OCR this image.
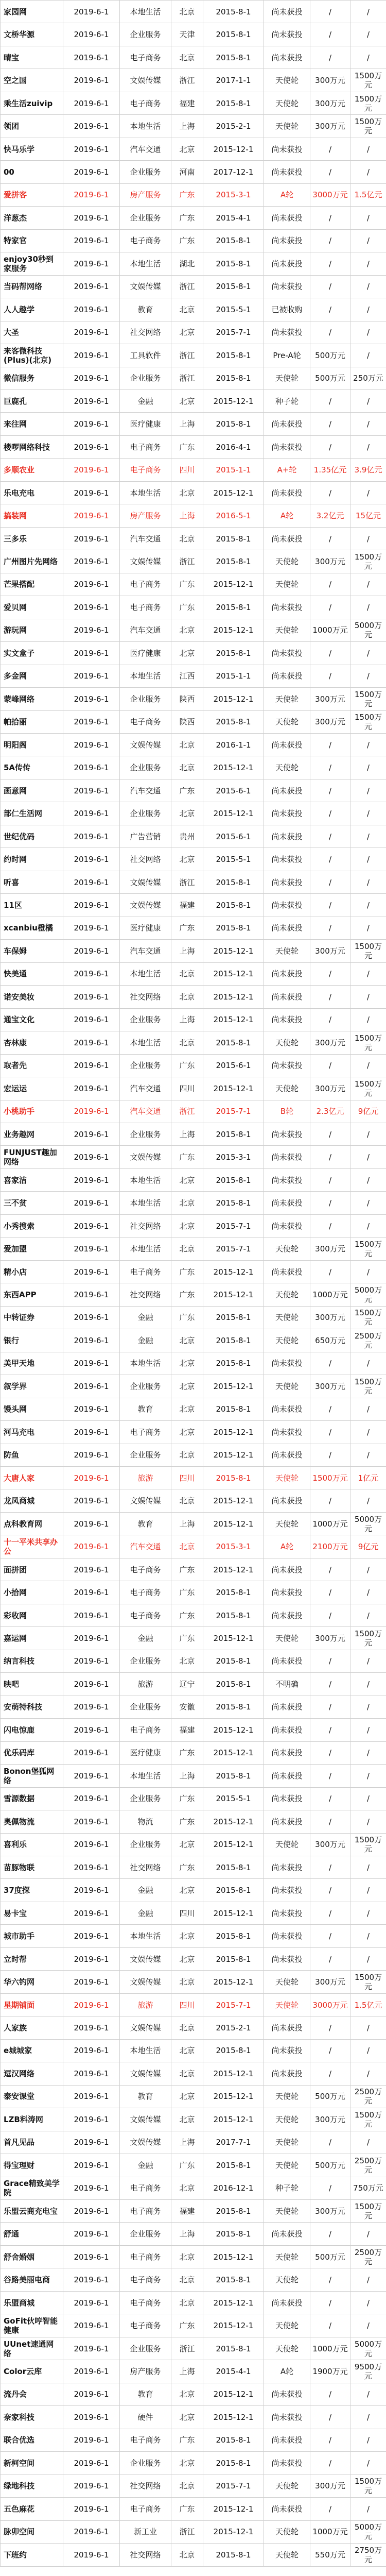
家园网	2019-6-1	本地生活	北京	2015-8-1	尚未获投	/	/
文桥华源	2019-6-1	企业服务	天津	2015-8-1	尚未获投	/	/
晴宝	2019-6-1	电子商务	北京	2015-8-1	尚未获投	/	/
空之国	2019-6-1	文娱传媒	浙江	2017-1-1	天使轮	300万元	1500万元
乘生活zuivip	2019-6-1	电子商务	福建	2015-8-1	天使轮	300万元	1500万元
领团	2019-6-1	本地生活	上海	2015-2-1	天使轮	300万元	1500万元
快马乐学	2019-6-1	汽车交通	北京	2015-12-1	尚未获投	/	/
00	2019-6-1	企业服务	河南	2017-12-1	尚未获投	/	/
爱拼客	2019-6-1	房产服务	广东	2015-3-1	A轮	3000万元	1.5亿元
洋葱杰	2019-6-1	企业服务	广东	2015-4-1	尚未获投	/	/
特家官	2019-6-1	电子商务	广东	2015-8-1	尚未获投	/	/
enjoy30秒到家服务	2019-6-1	本地生活	湖北	2015-8-1	尚未获投	/	/
当码帮网络	2019-6-1	文娱传媒	浙江	2015-8-1	尚未获投	/	/
人人趣学	2019-6-1	教育	北京	2015-5-1	已被收购	/	/
大圣	2019-6-1	社交网络	北京	2015-7-1	尚未获投	/	/
来客微科技(Plus)(北京)	2019-6-1	工具软件	浙江	2015-8-1	Pre-A轮	500万元	/
微信服务	2019-6-1	企业服务	浙江	2015-8-1	天使轮	500万元	250万元
巨鹿孔	2019-6-1	金融	北京	2015-12-1	种子轮	/	/
来往网	2019-6-1	医疗健康	上海	2015-8-1	尚未获投	/	/
楼啰网络科技	2019-6-1	电子商务	广东	2016-4-1	尚未获投	/	/
多顺农业	2019-6-1	电子商务	四川	2015-1-1	A+轮	1.35亿元	3.9亿元
乐电充电	2019-6-1	本地生活	北京	2015-12-1	尚未获投	/	/
搞装网	2019-6-1	房产服务	上海	2016-5-1	A轮	3.2亿元	15亿元
三多乐	2019-6-1	汽车交通	北京	2015-8-1	尚未获投	/	/
广州图片先网络	2019-6-1	文娱传媒	浙江	2015-8-1	天使轮	300万元	1500万元
芒果搭配	2019-6-1	电子商务	广东	2015-12-1	天使轮	/	/
爱贝网	2019-6-1	电子商务	广东	2015-8-1	尚未获投	/	/
游玩网	2019-6-1	汽车交通	北京	2015-12-1	天使轮	1000万元	5000万元
实文盒子	2019-6-1	医疗健康	北京	2015-8-1	尚未获投	/	/
多金网	2019-6-1	本地生活	江西	2015-1-1	尚未获投	/	/
蒙峰网络	2019-6-1	企业服务	陕西	2015-12-1	天使轮	300万元	1500万元
帕拾丽	2019-6-1	电子商务	陕西	2015-8-1	天使轮	300万元	1500万元
明阳阁	2019-6-1	文娱传媒	北京	2016-1-1	尚未获投	/	/
5A传传	2019-6-1	企业服务	北京	2015-12-1	天使轮	/	/
画意网	2019-6-1	汽车交通	广东	2015-6-1	尚未获投	/	/
部仁生活网	2019-6-1	企业服务	北京	2015-12-1	尚未获投	/	/
世纪优码	2019-6-1	广告营销	贵州	2015-6-1	尚未获投	/	/
约时网	2019-6-1	社交网络	北京	2015-5-1	尚未获投	/	/
听喜	2019-6-1	文娱传媒	浙江	2015-8-1	尚未获投	/	/
11区	2019-6-1	文娱传媒	福建	2015-8-1	尚未获投	/	/
xcanbiu橙橘	2019-6-1	医疗健康	广东	2015-8-1	尚未获投	/	/
车保姆	2019-6-1	汽车交通	上海	2015-12-1	天使轮	300万元	1500万元
快美通	2019-6-1	本地生活	北京	2015-12-1	尚未获投	/	/
诺安美妆	2019-6-1	社交网络	北京	2015-12-1	尚未获投	/	/
通宝文化	2019-6-1	企业服务	上海	2015-12-1	尚未获投	/	/
杏林康	2019-6-1	本地生活	北京	2015-8-1	天使轮	300万元	1500万元
取者先	2019-6-1	企业服务	广东	2015-6-1	尚未获投	/	/
宏运运	2019-6-1	汽车交通	四川	2015-12-1	天使轮	300万元	1500万元
小桃助手	2019-6-1	汽车交通	浙江	2015-7-1	B轮	2.3亿元	9亿元
业务趣网	2019-6-1	企业服务	上海	2015-8-1	尚未获投	/	/
FUNJUST趣加网络	2019-6-1	文娱传媒	广东	2015-3-1	尚未获投	/	/
喜家洁	2019-6-1	本地生活	北京	2015-8-1	尚未获投	/	/
三不贫	2019-6-1	本地生活	北京	2015-8-1	尚未获投	/	/
小秀搜索	2019-6-1	社交网络	北京	2015-7-1	尚未获投	/	/
爱加盟	2019-6-1	本地生活	北京	2015-7-1	天使轮	300万元	1500万元
精小店	2019-6-1	电子商务	广东	2015-12-1	尚未获投	/	/
东西APP	2019-6-1	社交网络	广东	2015-12-1	天使轮	1000万元	5000万元
中转证券	2019-6-1	金融	广东	2015-8-1	天使轮	300万元	1500万元
银行	2019-6-1	金融	北京	2015-8-1	天使轮	650万元	2500万元
美甲天地	2019-6-1	本地生活	北京	2015-8-1	尚未获投	/	/
叙学界	2019-6-1	企业服务	北京	2015-12-1	天使轮	300万元	1500万元
馒头网	2019-6-1	教育	北京	2015-8-1	尚未获投	/	/
河马充电	2019-6-1	电子商务	北京	2015-12-1	尚未获投	/	/
防鱼	2019-6-1	企业服务	北京	2015-12-1	尚未获投	/	/
大唐人家	2019-6-1	旅游	四川	2015-8-1	天使轮	1500万元	1亿元
龙凤商城	2019-6-1	文娱传媒	北京	2015-12-1	尚未获投	/	/
点科教育网	2019-6-1	教育	上海	2015-12-1	天使轮	1000万元	5000万元
十一平米共享办公	2019-6-1	汽车交通	北京	2015-3-1	A轮	2100万元	9亿元
面拼团	2019-6-1	电子商务	广东	2015-12-1	尚未获投	/	/
小拾网	2019-6-1	电子商务	广东	2015-8-1	尚未获投	/	/
彩收网	2019-6-1	电子商务	广东	2015-8-1	尚未获投	/	/
嘉运网	2019-6-1	金融	广东	2015-12-1	天使轮	300万元	1500万元
纳言科技	2019-6-1	企业服务	北京	2015-8-1	尚未获投	/	/
映吧	2019-6-1	旅游	辽宁	2015-8-1	不明确	/	/
安萌特科技	2019-6-1	企业服务	安徽	2015-8-1	尚未获投	/	/
闪电惊鹿	2019-6-1	电子商务	福建	2015-12-1	尚未获投	/	/
优乐码库	2019-6-1	医疗健康	广东	2015-12-1	尚未获投	/	/
Bonon堡狐网络	2019-6-1	本地生活	上海	2015-8-1	尚未获投	/	/
雪源数据	2019-6-1	企业服务	广东	2015-5-1	尚未获投	/	/
奥佩物流	2019-6-1	物流	广东	2015-12-1	尚未获投	/	/
喜利乐	2019-6-1	企业服务	北京	2015-12-1	天使轮	300万元	1500万元
苗豚物联	2019-6-1	社交网络	广东	2015-8-1	尚未获投	/	/
37度探	2019-6-1	金融	北京	2015-8-1	尚未获投	/	/
易卡宝	2019-6-1	金融	四川	2015-12-1	尚未获投	/	/
城市助手	2019-6-1	本地生活	北京	2015-8-1	尚未获投	/	/
立时帮	2019-6-1	文娱传媒	北京	2015-8-1	尚未获投	/	/
华六钓网	2019-6-1	文娱传媒	北京	2015-12-1	天使轮	300万元	1500万元
星期铺面	2019-6-1	旅游	四川	2015-7-1	天使轮	3000万元	1.5亿元
人家族	2019-6-1	文娱传媒	北京	2015-2-1	尚未获投	/	/
e城城家	2019-6-1	本地生活	北京	2015-8-1	尚未获投	/	/
逗汉网络	2019-6-1	文娱传媒	北京	2015-12-1	尚未获投	/	/
泰安课堂	2019-6-1	教育	北京	2015-12-1	天使轮	500万元	2500万元
LZB料涛网	2019-6-1	文娱传媒	北京	2015-12-1	天使轮	300万元	1500万元
首凡见品	2019-6-1	文娱传媒	上海	2017-7-1	天使轮	/	/
得宝理财	2019-6-1	金融	广东	2015-8-1	天使轮	500万元	2500万元
Grace精致美学院	2019-6-1	电子商务	北京	2016-12-1	种子轮	/	750万元
乐盟云商充电宝	2019-6-1	电子商务	福建	2015-8-1	天使轮	300万元	1500万元
舒通	2019-6-1	企业服务	上海	2015-8-1	尚未获投	/	/
舒舍婚姻	2019-6-1	电子商务	北京	2015-12-1	天使轮	500万元	2500万元
谷路美丽电商	2019-6-1	电子商务	北京	2015-8-1	天使轮	/	/
乐盟商城	2019-6-1	电子商务	北京	2015-12-1	尚未获投	/	/
GoFit伙哼智能健康	2019-6-1	电子商务	广东	2015-12-1	天使轮	/	/
UUnet速通网络	2019-6-1	企业服务	浙江	2015-8-1	天使轮	1000万元	5000万元
Color云库	2019-6-1	房产服务	上海	2015-4-1	A轮	1900万元	9500万元
流丹会	2019-6-1	教育	北京	2015-12-1	尚未获投	/	/
奈家科技	2019-6-1	硬件	北京	2015-12-1	尚未获投	/	/
联合优选	2019-6-1	电子商务	广东	2015-8-1	尚未获投	/	/
新柯空间	2019-6-1	企业服务	北京	2015-8-1	尚未获投	/	/
绿地科技	2019-6-1	社交网络	北京	2015-7-1	天使轮	300万元	1500万元
五色麻花	2019-6-1	电子商务	广东	2015-12-1	尚未获投	/	/
脉卯空间	2019-6-1	新工业	浙江	2015-12-1	天使轮	1000万元	5000万元
下班约	2019-6-1	社交网络	北京	2015-8-1	天使轮	550万元	2750万元
